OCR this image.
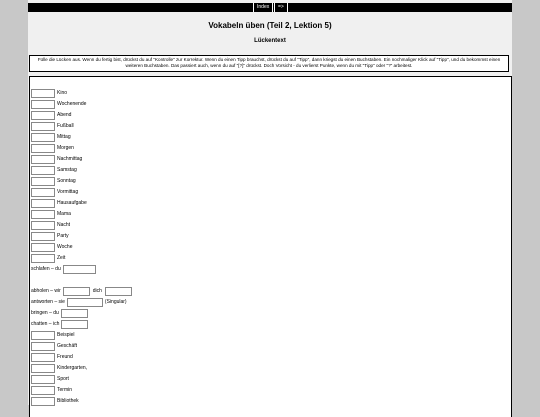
Index	=>
Vokabeln üben (Teil 2, Lektion 5)
Lückentext
Fülle die Lücken aus. Wenn du fertig bist, drückst du auf "Kontrolle" zur Korrektur. Wenn du einen Tipp brauchst, drückst du auf "Tipp", dann kriegst du einen Buchstaben. Ein nochmaliger Klick auf "Tipp", und du bekommst einen weiteren Buchstaben. Das passiert auch, wenn du auf "[?]" drückst. Doch Vorsicht - du verlierst Punkte, wenn du mit "Tipp" oder "?" arbeitest.
Kino
Wochenende
Abend
Fußball
Mittag
Morgen
Nachmittag
Samstag
Sonntag
Vormittag
Hausaufgabe
Mama
Nacht
Party
Woche
Zeit
schlafen – du
abholen – wir	dich
antworten – sie	(Singular)
bringen – du
chatten – ich
Beispiel
Geschäft
Freund
Kindergarten,
Sport
Termin
Bibliothek
